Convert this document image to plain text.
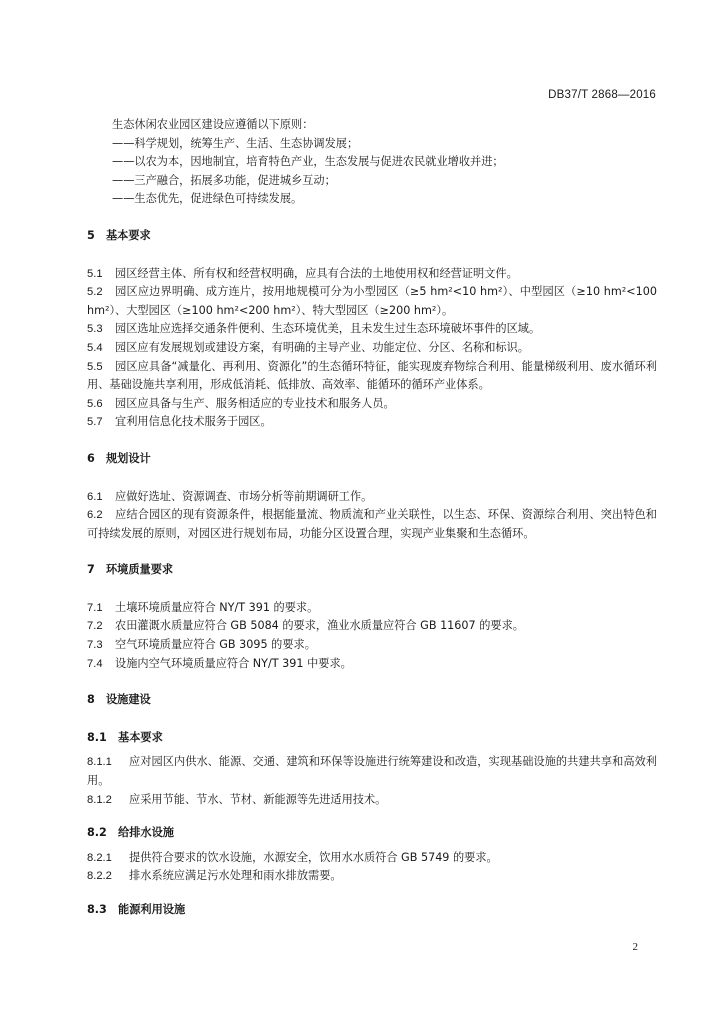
DB37/T 2868—2016

生态休闲农业园区建设应遵循以下原则：

——科学规划，统筹生产、生活、生态协调发展；

——以农为本，因地制宜，培育特色产业，生态发展与促进农民就业增收并进；

——三产融合，拓展多功能，促进城乡互动；

——生态优先，促进绿色可持续发展。

5　基本要求

5.1 园区经营主体、所有权和经营权明确，应具有合法的土地使用权和经营证明文件。

5.2 园区应边界明确、成方连片，按用地规模可分为小型园区（≥5 hm²<10 hm²）、中型园区（≥10 hm²<100 hm²）、大型园区（≥100 hm²<200 hm²）、特大型园区（≥200 hm²）。

5.3 园区选址应选择交通条件便利、生态环境优美，且未发生过生态环境破坏事件的区域。

5.4 园区应有发展规划或建设方案，有明确的主导产业、功能定位、分区、名称和标识。

5.5 园区应具备“减量化、再利用、资源化”的生态循环特征，能实现废弃物综合利用、能量梯级利用、废水循环利用、基础设施共享利用，形成低消耗、低排放、高效率、能循环的循环产业体系。

5.6 园区应具备与生产、服务相适应的专业技术和服务人员。

5.7 宜利用信息化技术服务于园区。

6　规划设计

6.1 应做好选址、资源调查、市场分析等前期调研工作。

6.2 应结合园区的现有资源条件，根据能量流、物质流和产业关联性，以生态、环保、资源综合利用、突出特色和可持续发展的原则，对园区进行规划布局，功能分区设置合理，实现产业集聚和生态循环。

7　环境质量要求

7.1 土壤环境质量应符合 NY/T 391 的要求。

7.2 农田灌溉水质量应符合 GB 5084 的要求，渔业水质量应符合 GB 11607 的要求。

7.3 空气环境质量应符合 GB 3095 的要求。

7.4 设施内空气环境质量应符合 NY/T 391 中要求。

8　设施建设

8.1　基本要求

8.1.1 应对园区内供水、能源、交通、建筑和环保等设施进行统筹建设和改造，实现基础设施的共建共享和高效利用。

8.1.2 应采用节能、节水、节材、新能源等先进适用技术。

8.2　给排水设施

8.2.1 提供符合要求的饮水设施，水源安全，饮用水水质符合 GB 5749 的要求。

8.2.2 排水系统应满足污水处理和雨水排放需要。

8.3　能源利用设施

2
